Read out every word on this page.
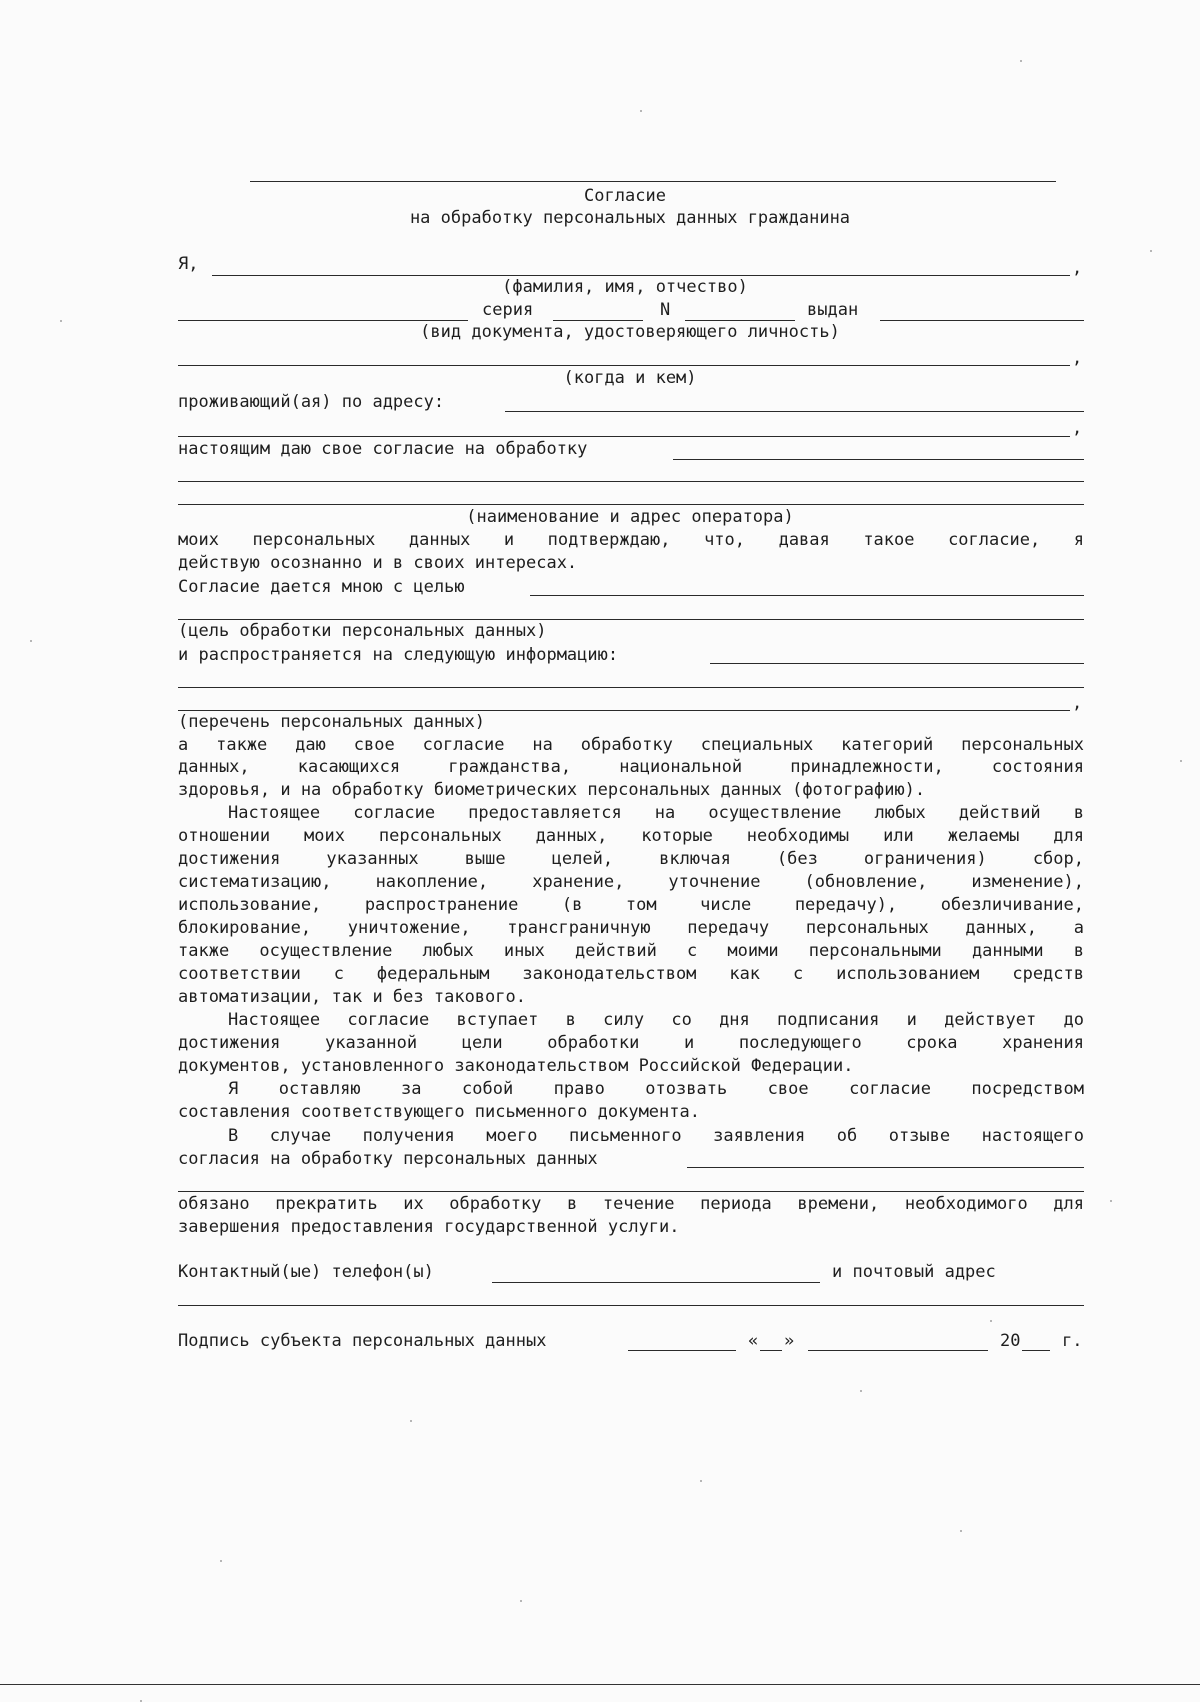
Согласие
на обработку персональных данных гражданина
Я,	,
(фамилия, имя, отчество)
серия	N	выдан
(вид документа, удостоверяющего личность)
,
(когда и кем)
проживающий(ая) по адресу:
,
настоящим даю свое согласие на обработку
(наименование и адрес оператора)
моих персональных данных и подтверждаю, что, давая такое согласие, я
действую осознанно и в своих интересах.
Согласие дается мною с целью
(цель обработки персональных данных)
и распространяется на следующую информацию:
,
(перечень персональных данных)
а также даю свое согласие на обработку специальных категорий персональных
данных, касающихся гражданства, национальной принадлежности, состояния
здоровья, и на обработку биометрических персональных данных (фотографию).
Настоящее согласие предоставляется на осуществление любых действий в
отношении моих персональных данных, которые необходимы или желаемы для
достижения указанных выше целей, включая (без ограничения) сбор,
систематизацию, накопление, хранение, уточнение (обновление, изменение),
использование, распространение (в том числе передачу), обезличивание,
блокирование, уничтожение, трансграничную передачу персональных данных, а
также осуществление любых иных действий с моими персональными данными в
соответствии с федеральным законодательством как с использованием средств
автоматизации, так и без такового.
Настоящее согласие вступает в силу со дня подписания и действует до
достижения указанной цели обработки и последующего срока хранения
документов, установленного законодательством Российской Федерации.
Я оставляю за собой право отозвать свое согласие посредством
составления соответствующего письменного документа.
В случае получения моего письменного заявления об отзыве настоящего
согласия на обработку персональных данных
обязано прекратить их обработку в течение периода времени, необходимого для
завершения предоставления государственной услуги.
Контактный(ые) телефон(ы)	и почтовый адрес
Подпись субъекта персональных данных	« »	20 г.
